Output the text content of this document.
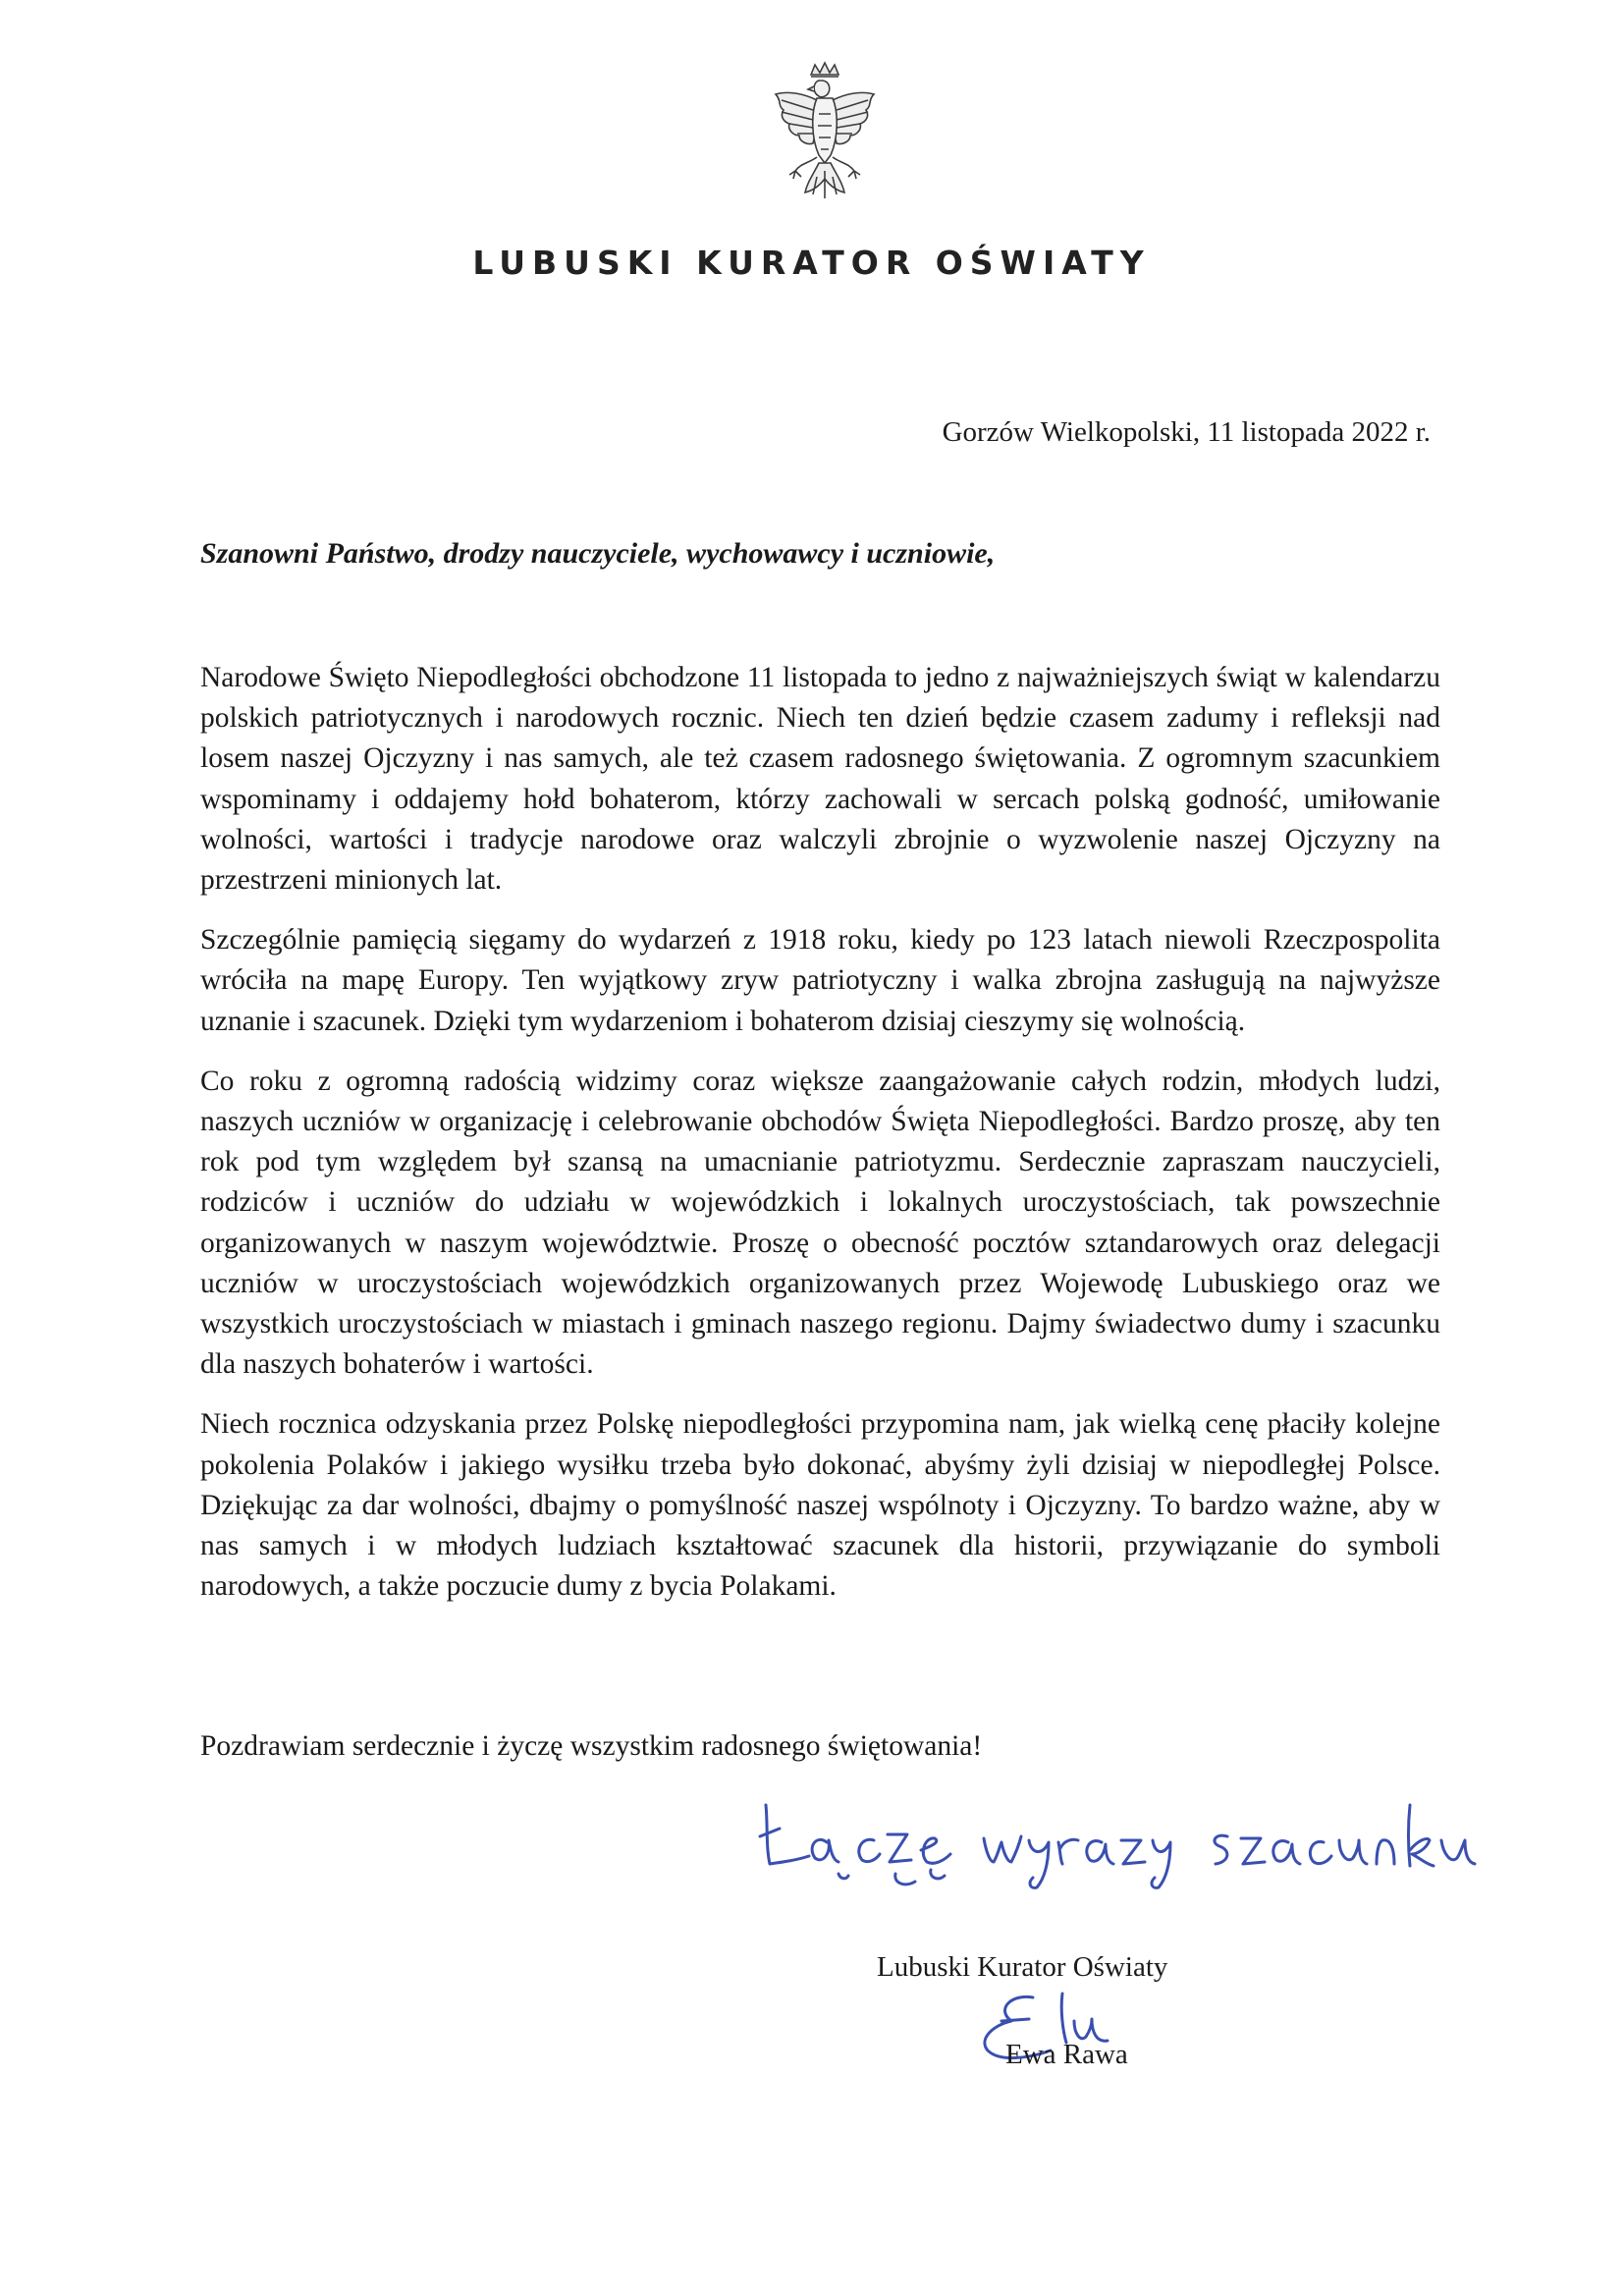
LUBUSKI KURATOR OŚWIATY
Gorzów Wielkopolski, 11 listopada 2022 r.
Szanowni Państwo, drodzy nauczyciele, wychowawcy i uczniowie,

Narodowe Święto Niepodległości obchodzone 11 listopada to jedno z najważniejszych świąt w kalendarzu polskich patriotycznych i narodowych rocznic. Niech ten dzień będzie czasem zadumy i refleksji nad losem naszej Ojczyzny i nas samych, ale też czasem radosnego świętowania. Z ogromnym szacunkiem wspominamy i oddajemy hołd bohaterom, którzy zachowali w sercach polską godność, umiłowanie wolności, wartości i tradycje narodowe oraz walczyli zbrojnie o wyzwolenie naszej Ojczyzny na przestrzeni minionych lat.

Szczególnie pamięcią sięgamy do wydarzeń z 1918 roku, kiedy po 123 latach niewoli Rzeczpospolita wróciła na mapę Europy. Ten wyjątkowy zryw patriotyczny i walka zbrojna zasługują na najwyższe uznanie i szacunek. Dzięki tym wydarzeniom i bohaterom dzisiaj cieszymy się wolnością.

Co roku z ogromną radością widzimy coraz większe zaangażowanie całych rodzin, młodych ludzi, naszych uczniów w organizację i celebrowanie obchodów Święta Niepodległości. Bardzo proszę, aby ten rok pod tym względem był szansą na umacnianie patriotyzmu. Serdecznie zapraszam nauczycieli, rodziców i uczniów do udziału w wojewódzkich i lokalnych uroczystościach, tak powszechnie organizowanych w naszym województwie. Proszę o obecność pocztów sztandarowych oraz delegacji uczniów w uroczystościach wojewódzkich organizowanych przez Wojewodę Lubuskiego oraz we wszystkich uroczystościach w miastach i gminach naszego regionu. Dajmy świadectwo dumy i szacunku dla naszych bohaterów i wartości.

Niech rocznica odzyskania przez Polskę niepodległości przypomina nam, jak wielką cenę płaciły kolejne pokolenia Polaków i jakiego wysiłku trzeba było dokonać, abyśmy żyli dzisiaj w niepodległej Polsce. Dziękując za dar wolności, dbajmy o pomyślność naszej wspólnoty i Ojczyzny. To bardzo ważne, aby w nas samych i w młodych ludziach kształtować szacunek dla historii, przywiązanie do symboli narodowych, a także poczucie dumy z bycia Polakami.

Pozdrawiam serdecznie i życzę wszystkim radosnego świętowania!
Lubuski Kurator Oświaty
Ewa Rawa
